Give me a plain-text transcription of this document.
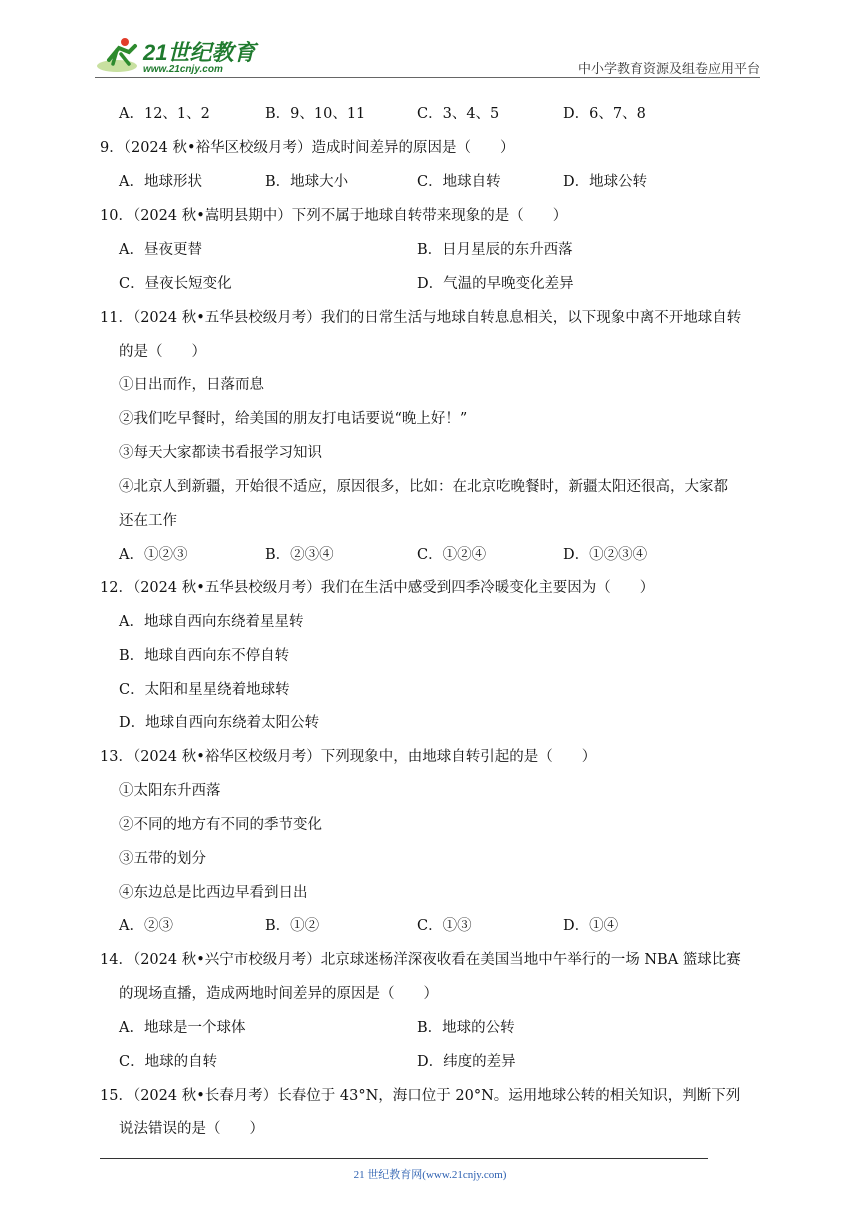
21世纪教育
www.21cnjy.com	中小学教育资源及组卷应用平台
A．12、1、2	B．9、10、11	C．3、4、5	D．6、7、8
9．（2024 秋•裕华区校级月考）造成时间差异的原因是（　　）
A．地球形状	B．地球大小	C．地球自转	D．地球公转
10．（2024 秋•嵩明县期中）下列不属于地球自转带来现象的是（　　）
A．昼夜更替	B．日月星辰的东升西落
C．昼夜长短变化	D．气温的早晚变化差异
11．（2024 秋•五华县校级月考）我们的日常生活与地球自转息息相关，以下现象中离不开地球自转
的是（　　）
①日出而作，日落而息
②我们吃早餐时，给美国的朋友打电话要说“晚上好！”
③每天大家都读书看报学习知识
④北京人到新疆，开始很不适应，原因很多，比如：在北京吃晚餐时，新疆太阳还很高，大家都
还在工作
A．①②③	B．②③④	C．①②④	D．①②③④
12．（2024 秋•五华县校级月考）我们在生活中感受到四季冷暖变化主要因为（　　）
A．地球自西向东绕着星星转
B．地球自西向东不停自转
C．太阳和星星绕着地球转
D．地球自西向东绕着太阳公转
13．（2024 秋•裕华区校级月考）下列现象中，由地球自转引起的是（　　）
①太阳东升西落
②不同的地方有不同的季节变化
③五带的划分
④东边总是比西边早看到日出
A．②③	B．①②	C．①③	D．①④
14．（2024 秋•兴宁市校级月考）北京球迷杨洋深夜收看在美国当地中午举行的一场 NBA 篮球比赛
的现场直播，造成两地时间差异的原因是（　　）
A．地球是一个球体	B．地球的公转
C．地球的自转	D．纬度的差异
15．（2024 秋•长春月考）长春位于 43°N，海口位于 20°N。运用地球公转的相关知识，判断下列
说法错误的是（　　）
21 世纪教育网(www.21cnjy.com)
